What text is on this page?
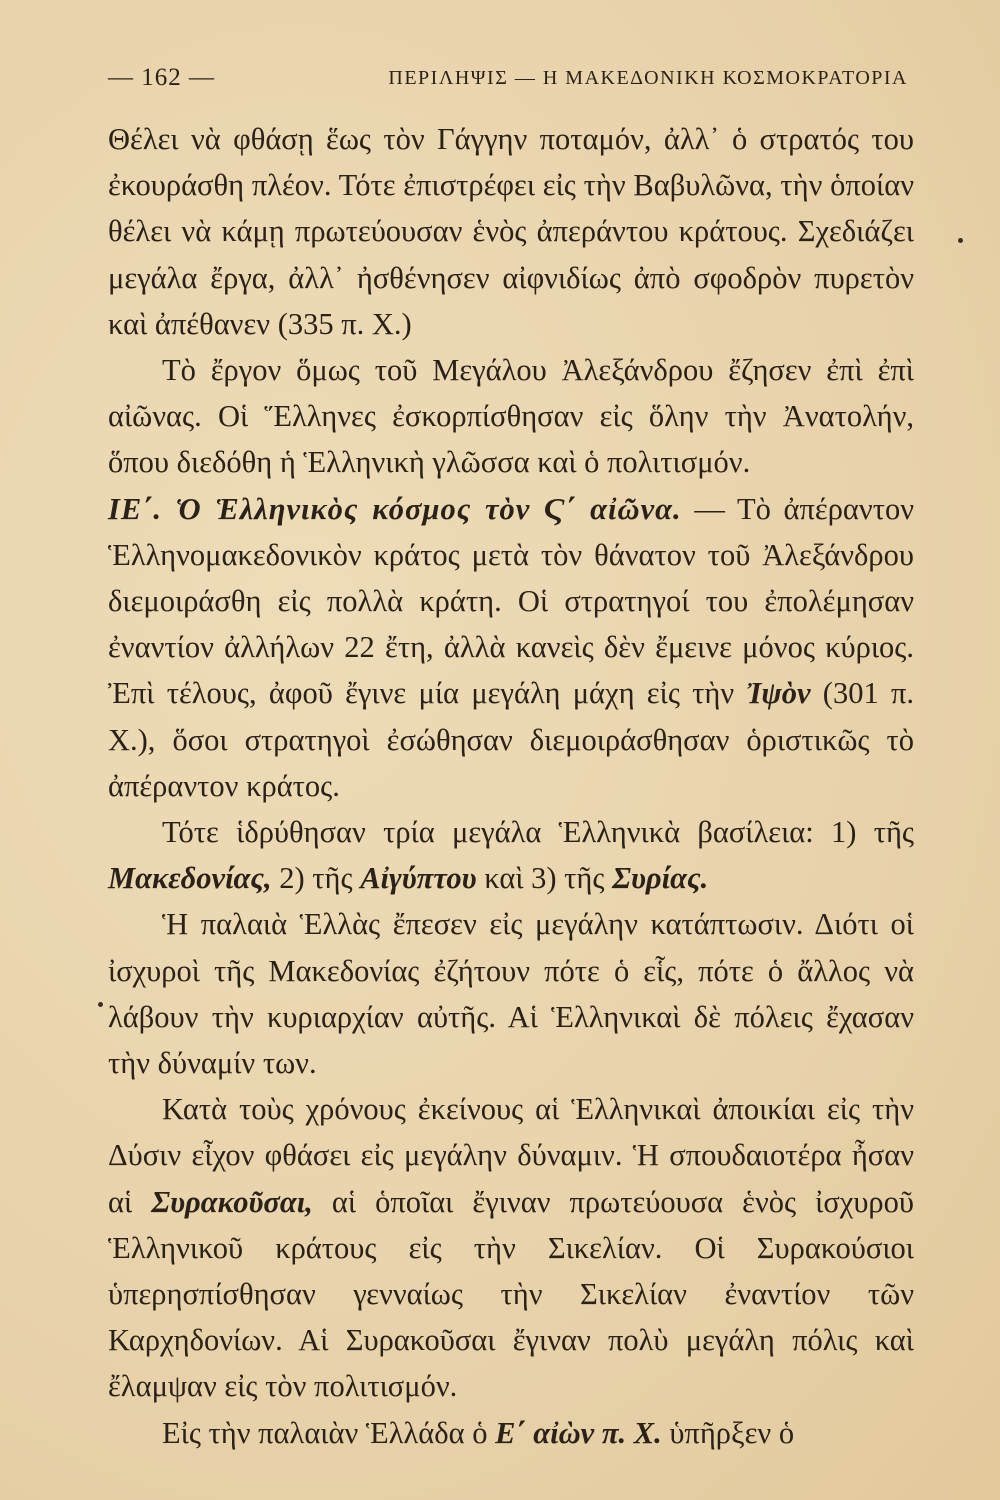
— 162 —	ΠΕΡΙΛΗΨΙΣ — Η ΜΑΚΕΔΟΝΙΚΗ ΚΟΣΜΟΚΡΑΤΟΡΙΑ

Θέλει νὰ φθάσῃ ἕως τὸν Γάγγην ποταμόν, ἀλλ᾿ ὁ στρατός του ἐκουράσθη πλέον. Τότε ἐπιστρέφει εἰς τὴν Βαβυλῶνα, τὴν ὁποίαν θέλει νὰ κάμῃ πρωτεύουσαν ἑνὸς ἀπεράντου κράτους. Σχεδιάζει μεγάλα ἔργα, ἀλλ᾿ ἠσθένησεν αἰφνιδίως ἀπὸ σφοδρὸν πυρετὸν καὶ ἀπέθανεν (335 π. Χ.)

Τὸ ἔργον ὅμως τοῦ Μεγάλου Ἀλεξάνδρου ἔζησεν ἐπὶ ἐπὶ αἰῶνας. Οἱ Ἕλληνες ἐσκορπίσθησαν εἰς ὅλην τὴν Ἀνατολήν, ὅπου διεδόθη ἡ Ἑλληνικὴ γλῶσσα καὶ ὁ πολιτισμόν.

ΙΕ΄. Ὁ Ἑλληνικὸς κόσμος τὸν Ϛ΄ αἰῶνα. — Τὸ ἀπέραντον Ἑλληνομακεδονικὸν κράτος μετὰ τὸν θάνατον τοῦ Ἀλεξάνδρου διεμοιράσθη εἰς πολλὰ κράτη. Οἱ στρατηγοί του ἐπολέμησαν ἐναντίον ἀλλήλων 22 ἔτη, ἀλλὰ κανεὶς δὲν ἔμεινε μόνος κύριος. Ἐπὶ τέλους, ἀφοῦ ἔγινε μία μεγάλη μάχη εἰς τὴν Ἰψὸν (301 π. Χ.), ὅσοι στρατηγοὶ ἐσώθησαν διεμοιράσθησαν ὁριστικῶς τὸ ἀπέραντον κράτος.

Τότε ἱδρύθησαν τρία μεγάλα Ἑλληνικὰ βασίλεια: 1) τῆς Μακεδονίας, 2) τῆς Αἰγύπτου καὶ 3) τῆς Συρίας.

Ἡ παλαιὰ Ἑλλὰς ἔπεσεν εἰς μεγάλην κατάπτωσιν. Διότι οἱ ἰσχυροὶ τῆς Μακεδονίας ἐζήτουν πότε ὁ εἷς, πότε ὁ ἄλλος νὰ λάβουν τὴν κυριαρχίαν αὐτῆς. Αἱ Ἑλληνικαὶ δὲ πόλεις ἔχασαν τὴν δύναμίν των.

Κατὰ τοὺς χρόνους ἐκείνους αἱ Ἑλληνικαὶ ἀποικίαι εἰς τὴν Δύσιν εἶχον φθάσει εἰς μεγάλην δύναμιν. Ἡ σπουδαιοτέρα ἦσαν αἱ Συρακοῦσαι, αἱ ὁποῖαι ἔγιναν πρωτεύουσα ἑνὸς ἰσχυροῦ Ἑλληνικοῦ κράτους εἰς τὴν Σικελίαν. Οἱ Συρακούσιοι ὑπερησπίσθησαν γενναίως τὴν Σικελίαν ἐναντίον τῶν Καρχηδονίων. Αἱ Συρακοῦσαι ἔγιναν πολὺ μεγάλη πόλις καὶ ἔλαμψαν εἰς τὸν πολιτισμόν.

Εἰς τὴν παλαιὰν Ἑλλάδα ὁ Ε΄ αἰὼν π. Χ. ὑπῆρξεν ὁ
